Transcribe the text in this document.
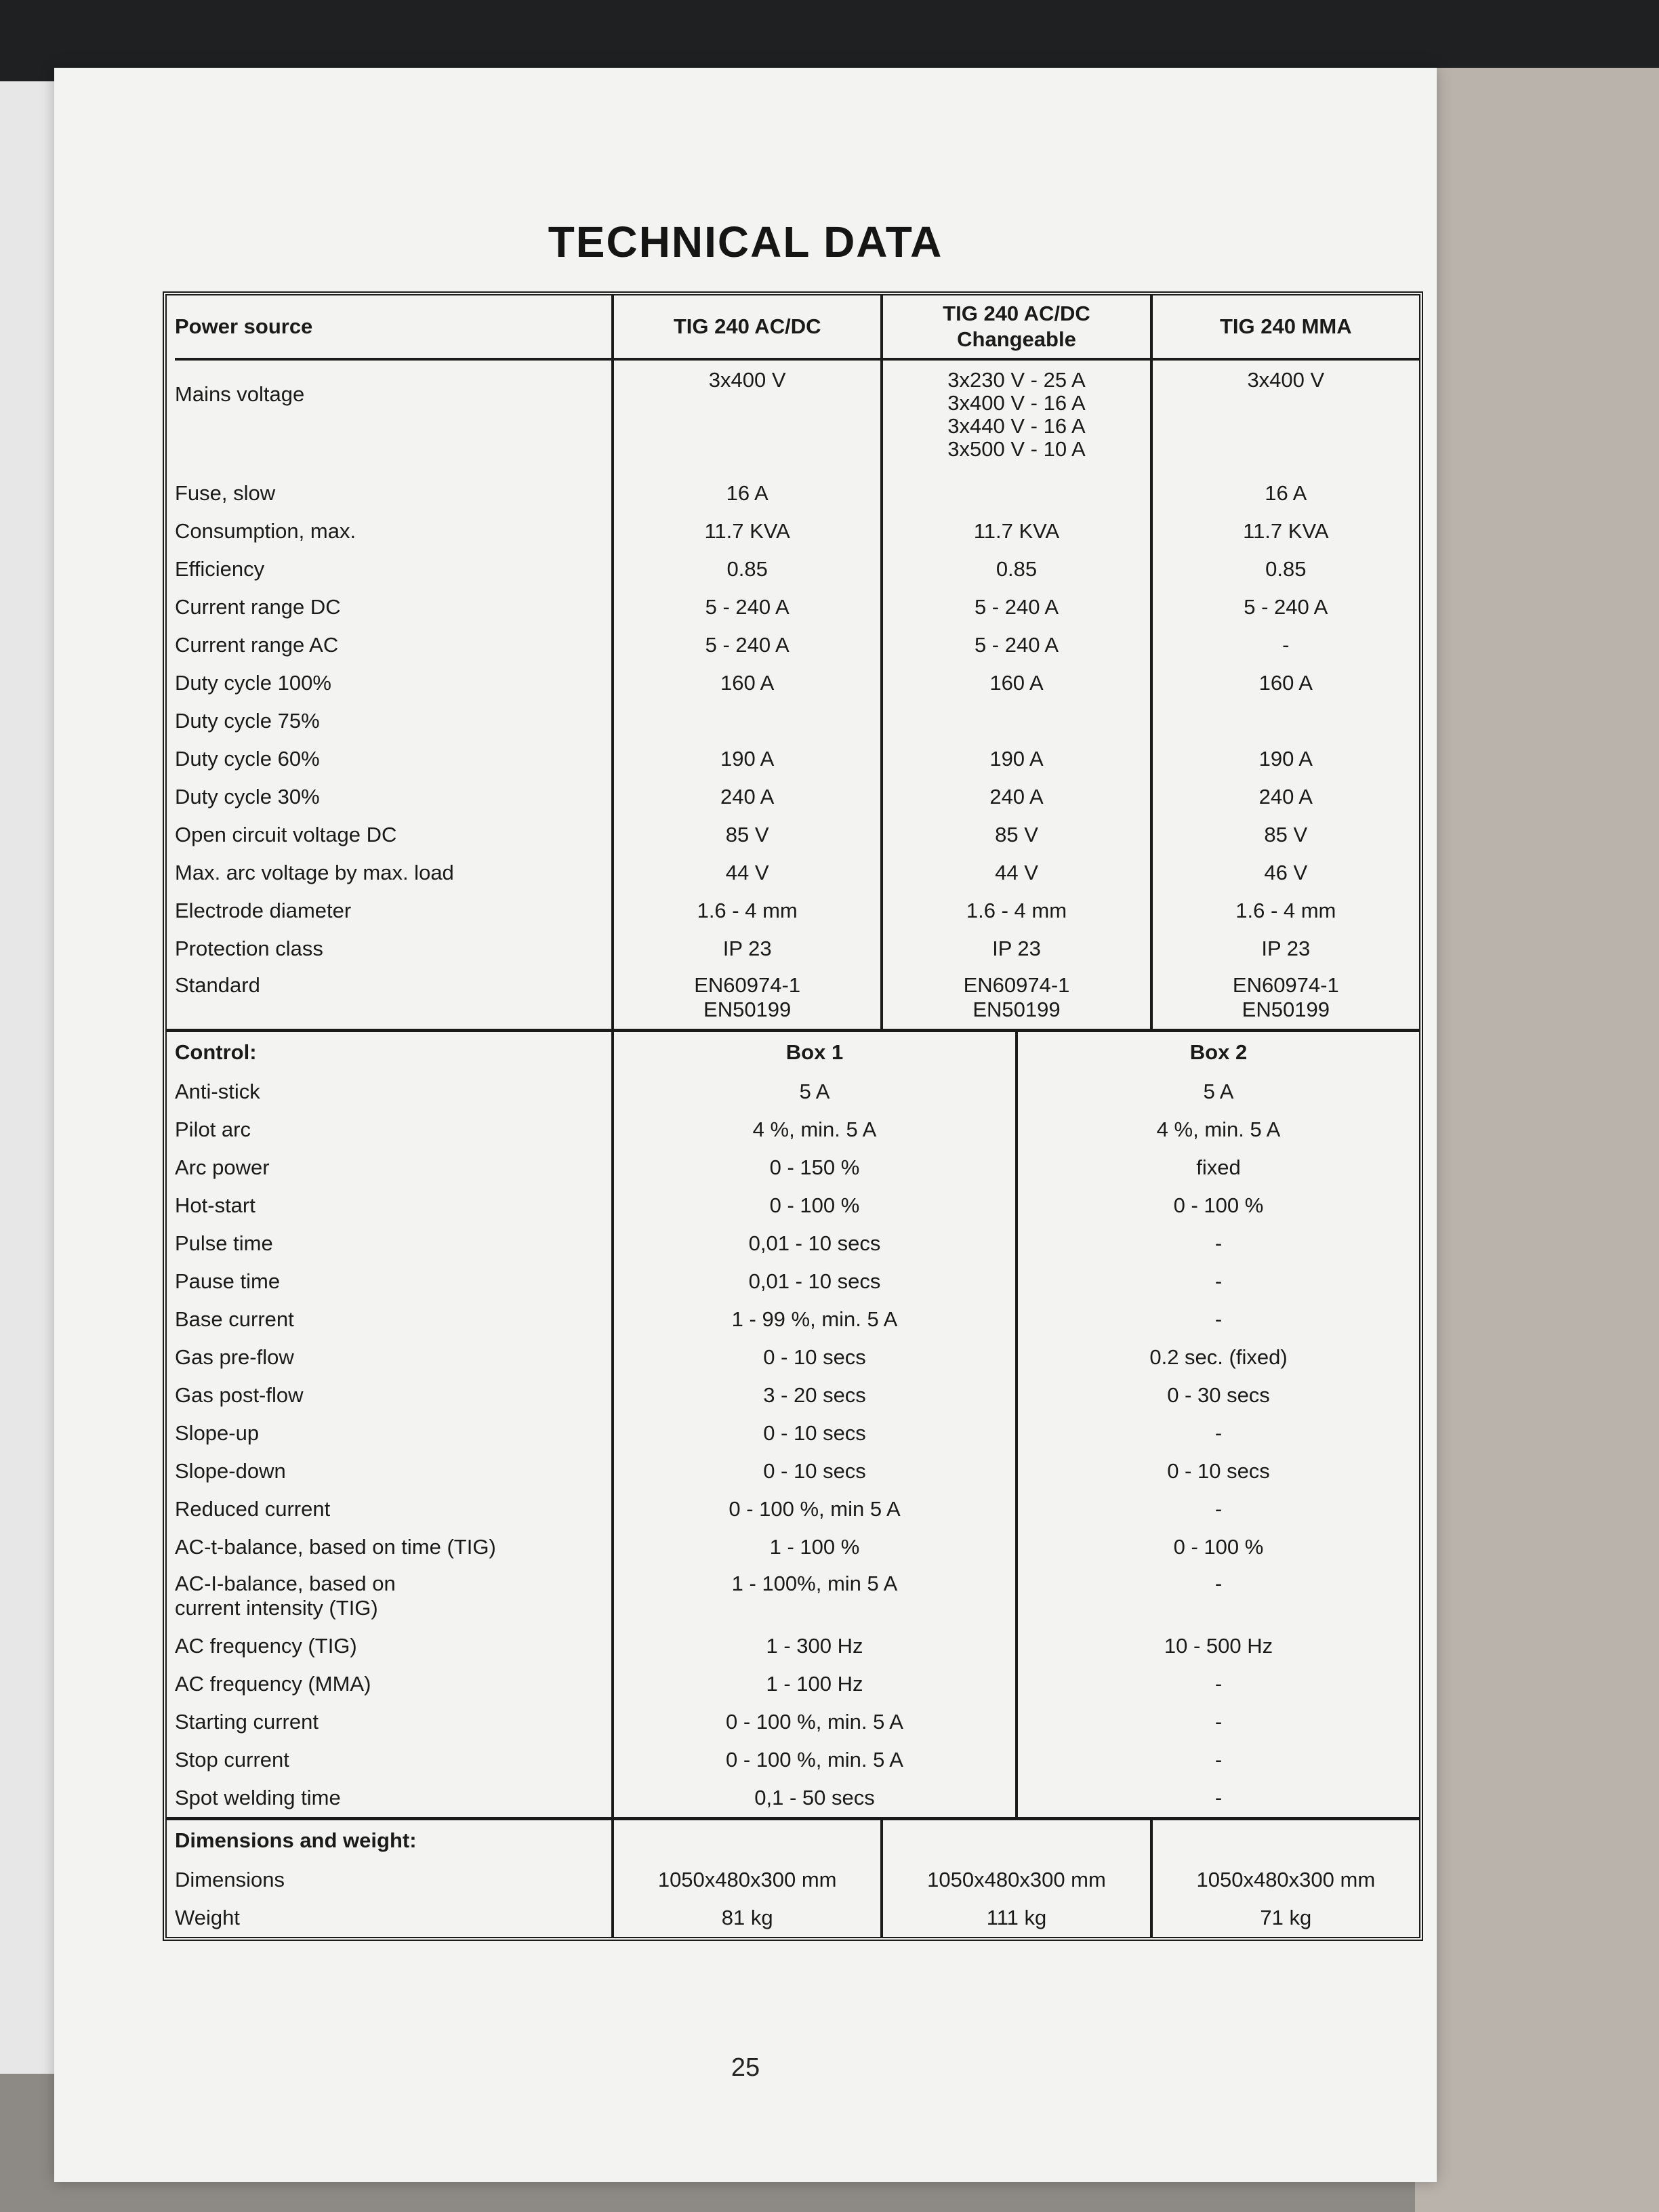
TECHNICAL DATA
Power source
Mains voltage
Fuse, slow
Consumption, max.
Efficiency
Current range DC
Current range AC
Duty cycle 100%
Duty cycle 75%
Duty cycle 60%
Duty cycle 30%
Open circuit voltage DC
Max. arc voltage by max. load
Electrode diameter
Protection class
Standard
TIG 240 AC/DC
3x400 V
16 A
11.7 KVA
0.85
5 - 240 A
5 - 240 A
160 A
190 A
240 A
85 V
44 V
1.6 - 4 mm
IP 23
EN60974-1
EN50199
TIG 240 AC/DC
Changeable
3x230 V - 25 A
3x400 V - 16 A
3x440 V - 16 A
3x500 V - 10 A
11.7 KVA
0.85
5 - 240 A
5 - 240 A
160 A
190 A
240 A
85 V
44 V
1.6 - 4 mm
IP 23
EN60974-1
EN50199
TIG 240 MMA
3x400 V
16 A
11.7 KVA
0.85
5 - 240 A
-
160 A
190 A
240 A
85 V
46 V
1.6 - 4 mm
IP 23
EN60974-1
EN50199
Control:
Anti-stick
Pilot arc
Arc power
Hot-start
Pulse time
Pause time
Base current
Gas pre-flow
Gas post-flow
Slope-up
Slope-down
Reduced current
AC-t-balance, based on time (TIG)
AC-I-balance, based on
current intensity (TIG)
AC frequency (TIG)
AC frequency (MMA)
Starting current
Stop current
Spot welding time
Box 1
5 A
4 %, min. 5 A
0 - 150 %
0 - 100 %
0,01 - 10 secs
0,01 - 10 secs
1 - 99 %, min. 5 A
0 - 10 secs
3 - 20 secs
0 - 10 secs
0 - 10 secs
0 - 100 %, min 5 A
1 - 100 %
1 - 100%, min 5 A
1 - 300 Hz
1 - 100 Hz
0 - 100 %, min. 5 A
0 - 100 %, min. 5 A
0,1 - 50 secs
Box 2
5 A
4 %, min. 5 A
fixed
0 - 100 %
-
-
-
0.2 sec. (fixed)
0 - 30 secs
-
0 - 10 secs
-
0 - 100 %
-
10 - 500 Hz
-
-
-
-
Dimensions and weight:
Dimensions
Weight
1050x480x300 mm
81 kg
1050x480x300 mm
111 kg
1050x480x300 mm
71 kg
25
